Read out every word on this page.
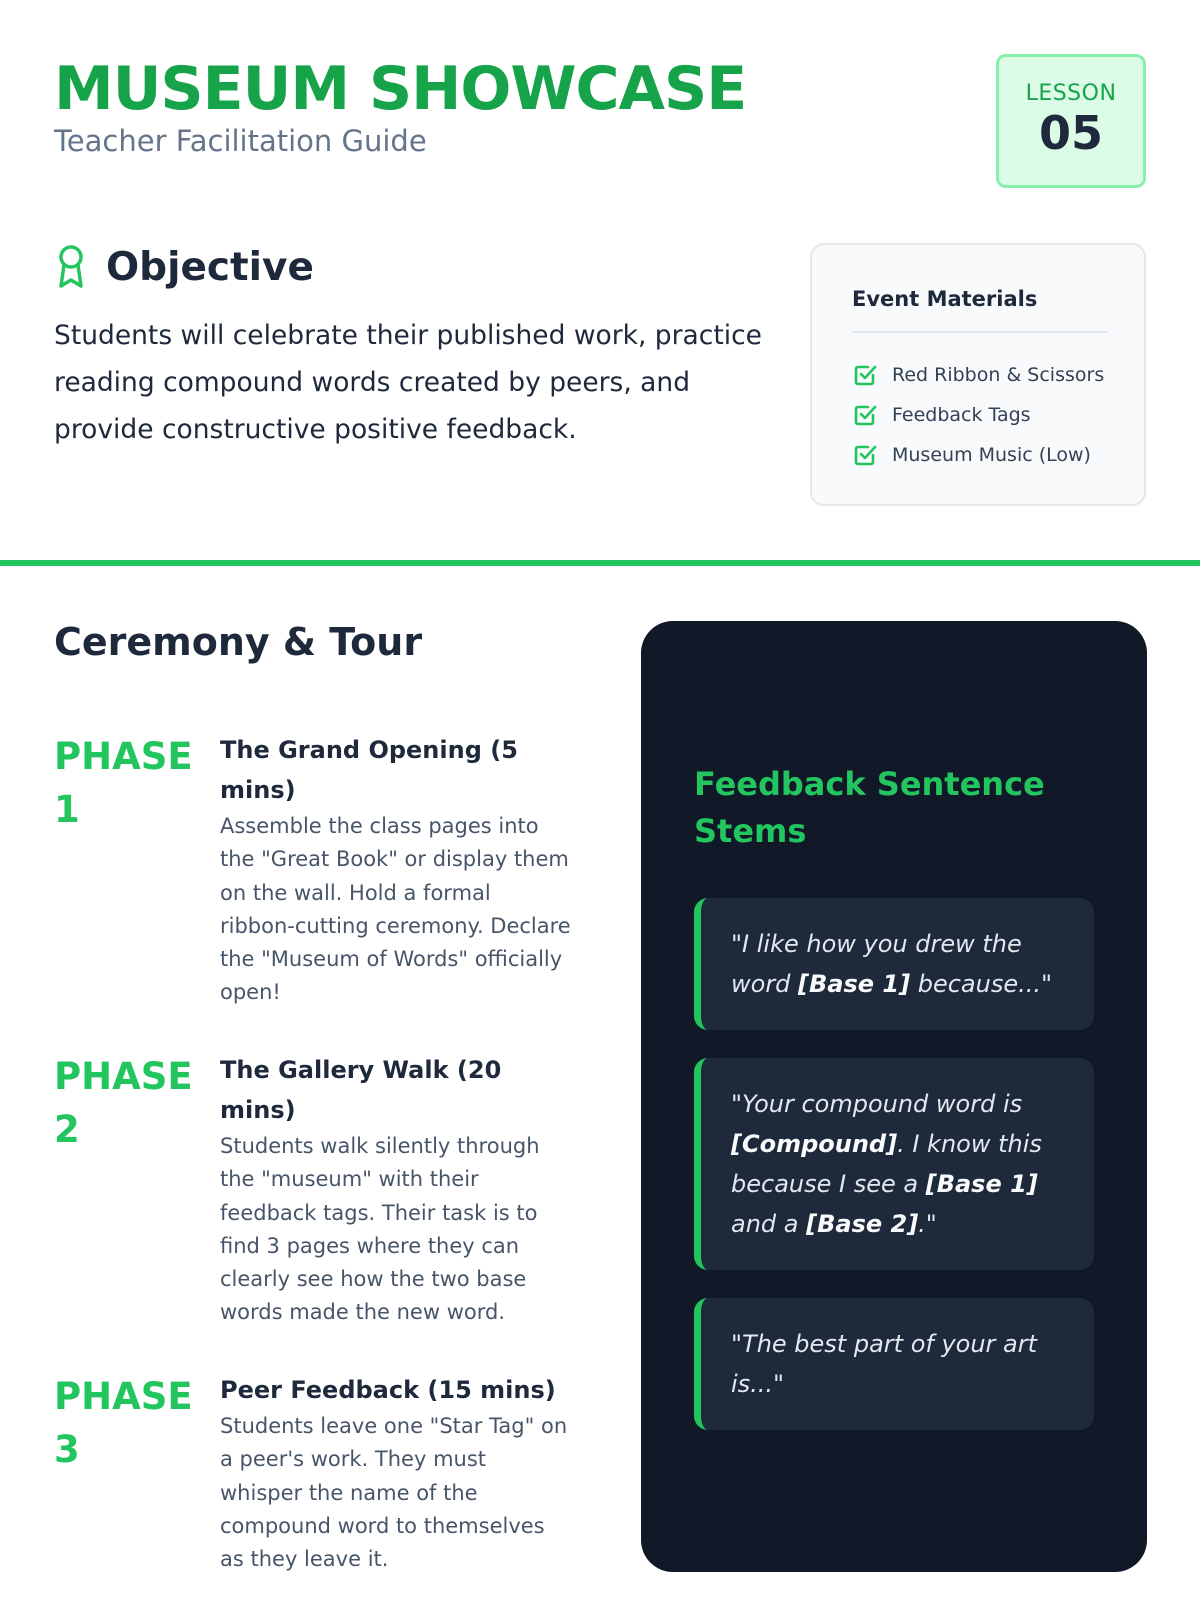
MUSEUM SHOWCASE
Teacher Facilitation Guide
LESSON
05
Objective

Students will celebrate their published work, practice reading compound words created by peers, and provide constructive positive feedback.

Event Materials
Red Ribbon & Scissors
Feedback Tags
Museum Music (Low)
Ceremony & Tour
PHASE 1
The Grand Opening (5 mins)
Assemble the class pages into the "Great Book" or display them on the wall. Hold a formal ribbon-cutting ceremony. Declare the "Museum of Words" officially open!
PHASE 2
The Gallery Walk (20 mins)
Students walk silently through the "museum" with their feedback tags. Their task is to find 3 pages where they can clearly see how the two base words made the new word.
PHASE 3
Peer Feedback (15 mins)
Students leave one "Star Tag" on a peer's work. They must whisper the name of the compound word to themselves as they leave it.
Feedback Sentence Stems
"I like how you drew the word [Base 1] because..."
"Your compound word is [Compound]. I know this because I see a [Base 1] and a [Base 2]."
"The best part of your art is..."
